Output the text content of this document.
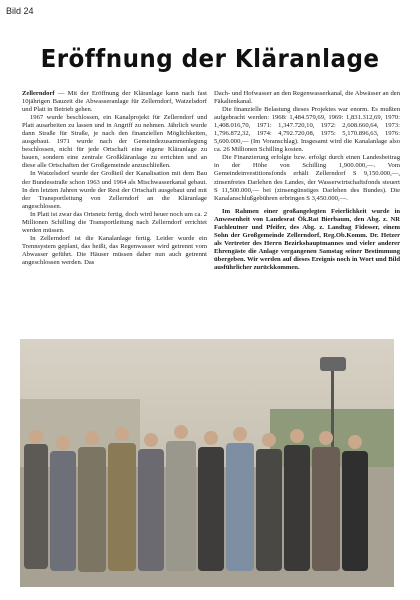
Bild 24
Eröffnung der Kläranlage

Zellerndorf — Mit der Eröffnung der Kläranlage kann nach fast 10jährigen Bauzeit die Abwasseranlage für Zellerndorf, Watzelsdorf und Platt in Betrieb gehen.

1967 wurde beschlossen, ein Kanalprojekt für Zellerndorf und Platt ausarbeiten zu lassen und in Angriff zu nehmen. Jährlich wurde dann Straße für Straße, je nach den finanziellen Möglichkeiten, ausgebaut. 1971 wurde nach der Gemeindezusammenlegung beschlossen, nicht für jede Ortschaft eine eigene Kläranlage zu bauen, sondern eine zentrale Großkläranlage zu errichten und an diese alle Ortschaften der Großgemeinde anzuschließen.

In Watzelsdorf wurde der Großteil der Kanalisation mit dem Bau der Bundesstraße schon 1963 und 1964 als Mischwasserkanal gebaut. In den letzten Jahren wurde der Rest der Ortschaft ausgebaut und mit der Transportleitung von Zellerndorf an die Kläranlage angeschlossen.

In Platt ist zwar das Ortsnetz fertig, doch wird heuer noch um ca. 2 Millionen Schilling die Transportleitung nach Zellerndorf errichtet werden müssen.

In Zellerndorf ist die Kanalanlage fertig. Leider wurde ein Trennsystem geplant, das heißt, das Regenwasser wird getrennt vom Abwasser geführt. Die Häuser müssen daher nun auch getrennt angeschlossen werden. Das

Dach- und Hofwasser an den Regenwasserkanal, die Abwässer an den Fäkalienkanal.

Die finanzielle Belastung dieses Projektes war enorm. Es mußten aufgebracht werden: 1968: 1,484.579,69, 1969: 1,831.312,69, 1970: 1,408.016,70, 1971: 1,347.720,10, 1972: 2,608.660,64, 1973: 1,796.872,32, 1974: 4,792.720,08, 1975: 5,170.896,63, 1976: 5,600.000,— (Im Voranschlag). Insgesamt wird die Kanalanlage also ca. 26 Millionen Schilling kosten.

Die Finanzierung erfolgte bzw. erfolgt durch einen Landesbeitrag in der Höhe von Schilling 1,900.000,—. Vom Gemeindeinvestitionsfonds erhält Zellerndorf S 9,150.000,—, zinsenfreies Darlehen des Landes, der Wasserwirtschaftsfonds steuert S 11,500.000,— bei (zinsengünstiges Darlehen des Bundes). Die Kanalanschlußgebühren erbringen S 3,450.000,—.

Im Rahmen einer großangelegten Feierlichkeit wurde in Anwesenheit von Landesrat Ök.Rat Bierbaum, den Abg. z. NR Fachleutner und Pfeifer, des Abg. z. Landtag Fidesser, einem Sohn der Großgemeinde Zellerndorf, Reg.Ob.Komm. Dr. Hetzer als Vertreter des Herrn Bezirkshauptmannes und vieler anderer Ehrengäste die Anlage vergangenen Samstag seiner Bestimmung übergeben. Wir werden auf dieses Ereignis noch in Wort und Bild ausführlicher zurückkommen.
